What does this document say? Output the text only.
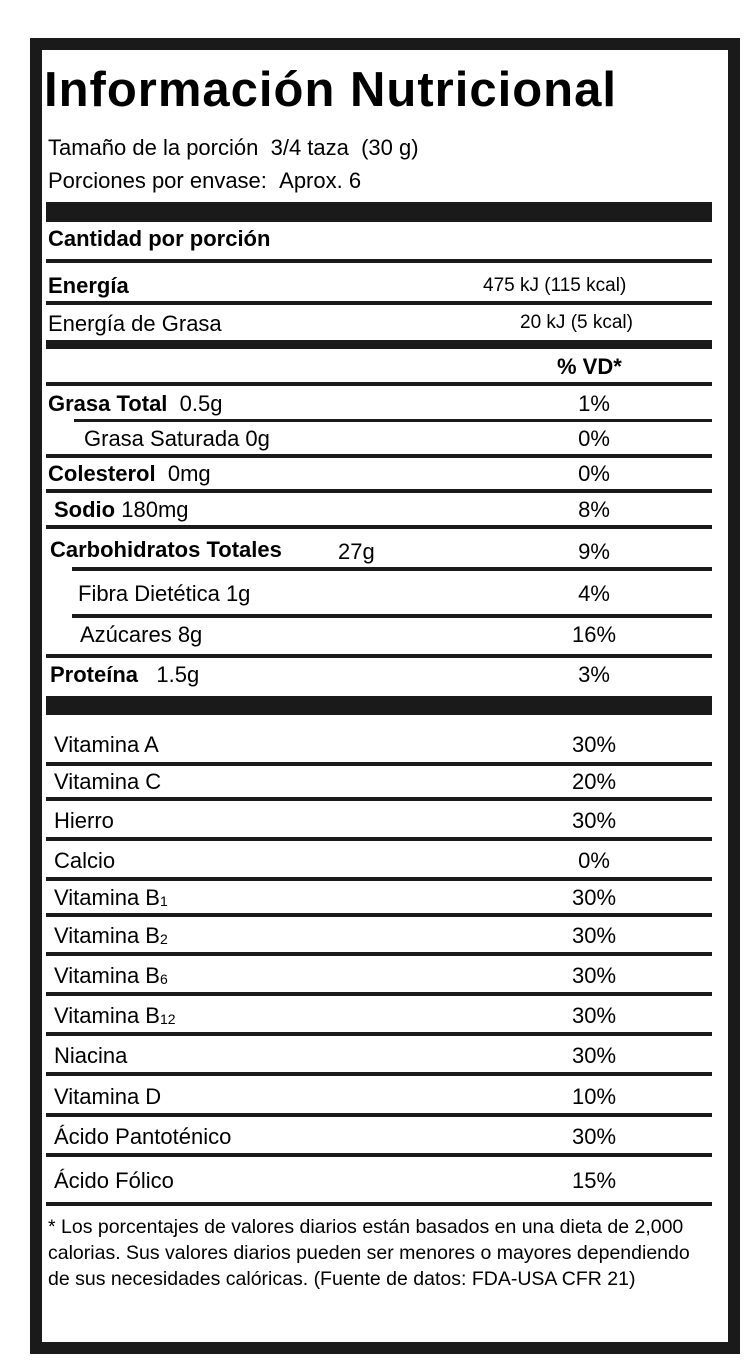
Información Nutricional
Tamaño de la porción 3/4 taza  (30 g)
Porciones por envase: Aprox. 6
Cantidad por porción
Energía	475 kJ (115 kcal)
Energía de Grasa	20 kJ (5 kcal)
% VD*
Grasa Total 0.5g	1%
Grasa Saturada 0g	0%
Colesterol 0mg	0%
Sodio 180mg	8%
Carbohidratos Totales	27g	9%
Fibra Dietética 1g	4%
Azúcares 8g	16%
Proteína 1.5g	3%
Vitamina A	30%
Vitamina C	20%
Hierro	30%
Calcio	0%
Vitamina $B_1$	30%
Vitamina $B_2$	30%
Vitamina $B_6$	30%
Vitamina $B_{12}$	30%
Niacina	30%
Vitamina D	10%
Ácido Pantoténico	30%
Ácido Fólico	15%
* Los porcentajes de valores diarios están basados en una dieta de 2,000 calorias. Sus valores diarios pueden ser menores o mayores dependiendo de sus necesidades calóricas. (Fuente de datos: FDA-USA CFR 21)
